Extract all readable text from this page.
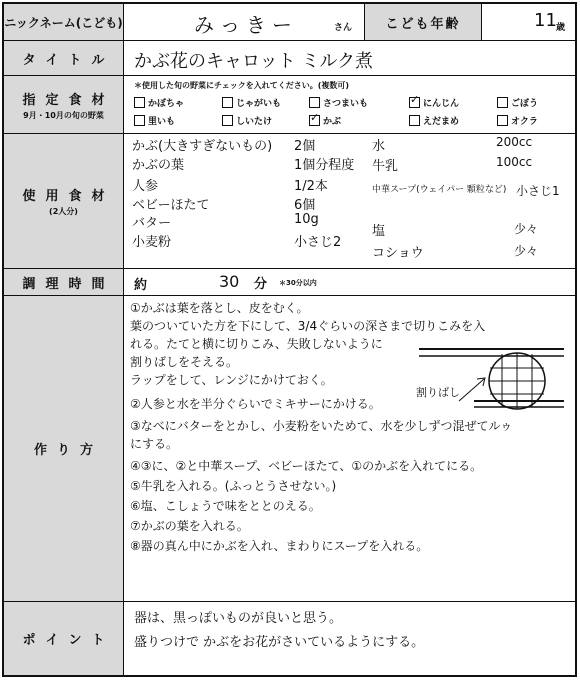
ニックネーム(こども)	みっきー	さん	こども年齢	11 歳
タイトル	かぶ花のキャロット ミルク煮
指定食材
9月・10月の旬の野菜
＊使用した旬の野菜にチェックを入れてください。(複数可)
かぼちゃ	じゃがいも	さつまいも ✓	にんじん	ごぼう
里いも	しいたけ ✓	かぶ	えだまめ	オクラ
使用食材
(2人分)
かぶ(大きすぎないもの) 2個
かぶの葉	1個分程度
人参	1/2本
ベビーほたて	6個
バター	10g
小麦粉	小さじ2
水	200cc
牛乳	100cc
中華スープ(ウェイパー 顆粒など) 小さじ1
塩	少々
コショウ	少々
調理時間	約	30 分 ＊30分以内
作り方
①かぶは葉を落とし、皮をむく。
葉のついていた方を下にして、3/4ぐらいの深さまで切りこみを入
れる。たてと横に切りこみ、失敗しないように
割りばしをそえる。
ラップをして、レンジにかけておく。
②人参と水を半分ぐらいでミキサーにかける。
③なべにバターをとかし、小麦粉をいためて、水を少しずつ混ぜてルゥ
にする。
④③に、②と中華スープ、ベビーほたて、①のかぶを入れてにる。
⑤牛乳を入れる。(ふっとうさせない。)
⑥塩、こしょうで味をととのえる。
⑦かぶの葉を入れる。
⑧器の真ん中にかぶを入れ、まわりにスープを入れる。
割りばし
ポイント
器は、黒っぽいものが良いと思う。
盛りつけで かぶをお花がさいているようにする。
